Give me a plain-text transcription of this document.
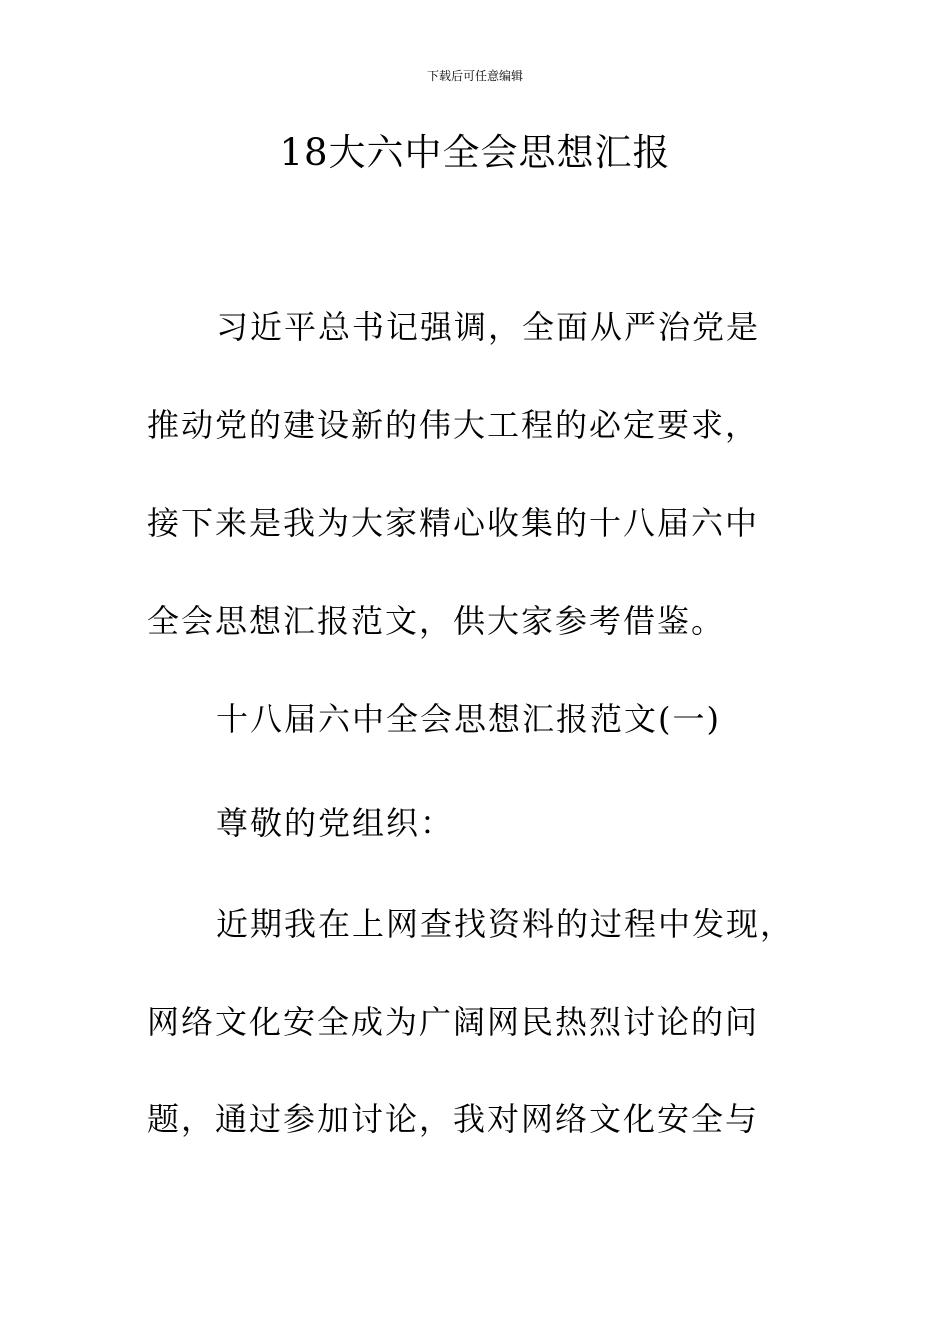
下载后可任意编辑
18大六中全会思想汇报
习近平总书记强调，全面从严治党是
推动党的建设新的伟大工程的必定要求，
接下来是我为大家精心收集的十八届六中
全会思想汇报范文，供大家参考借鉴。
十八届六中全会思想汇报范文(一)
尊敬的党组织：
近期我在上网查找资料的过程中发现，
网络文化安全成为广阔网民热烈讨论的问
题，通过参加讨论，我对网络文化安全与
